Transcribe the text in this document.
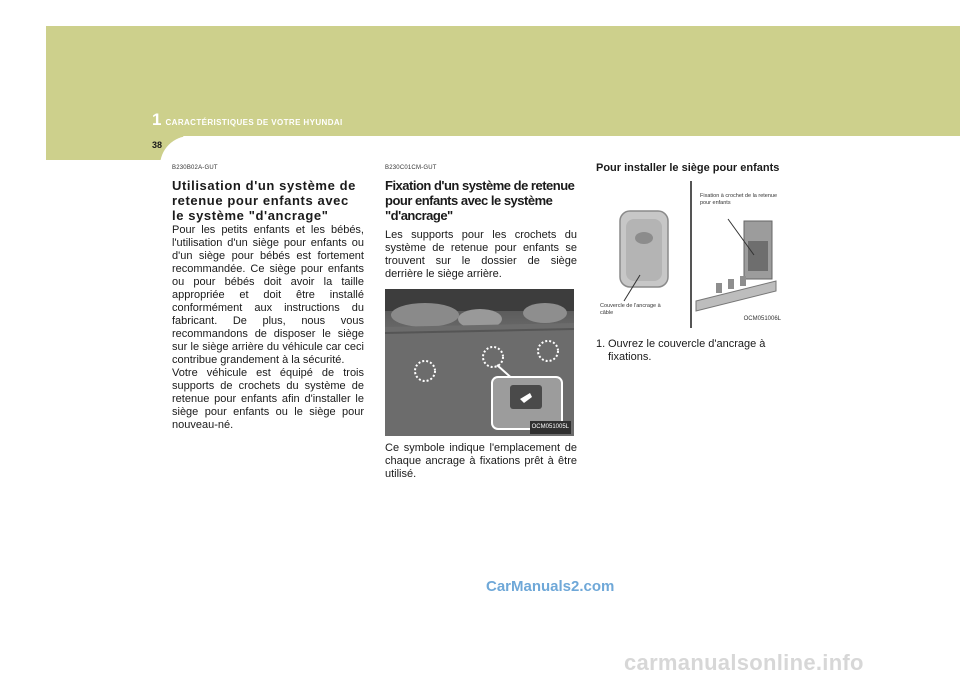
1 CARACTÉRISTIQUES DE VOTRE HYUNDAI
38
B230B02A-GUT
Utilisation d'un système de retenue pour enfants avec le système "d'ancrage"

Pour les petits enfants et les bébés, l'utilisation d'un siège pour enfants ou d'un siège pour bébés est fortement recommandée. Ce siège pour enfants ou pour bébés doit avoir la taille appropriée et doit être installé conformément aux instructions du fabricant. De plus, nous vous recommandons de disposer le siège sur le siège arrière du véhicule car ceci contribue grandement à la sécurité.

Votre véhicule est équipé de trois supports de crochets du système de retenue pour enfants afin d'installer le siège pour enfants ou le siège pour nouveau-né.

B230C01CM-GUT
Fixation d'un système de retenue pour enfants avec le système "d'ancrage"

Les supports pour les crochets du système de retenue pour enfants se trouvent sur le dossier de siège derrière le siège arrière.

OCM051005L

Ce symbole indique l'emplacement de chaque ancrage à fixations prêt à être utilisé.

Pour installer le siège pour enfants
Couvercle de l'ancrage à câble
Fixation à crochet de la retenue pour enfants
OCM051006L
1. Ouvrez le couvercle d'ancrage à fixations.
CarManuals2.com
carmanualsonline.info
